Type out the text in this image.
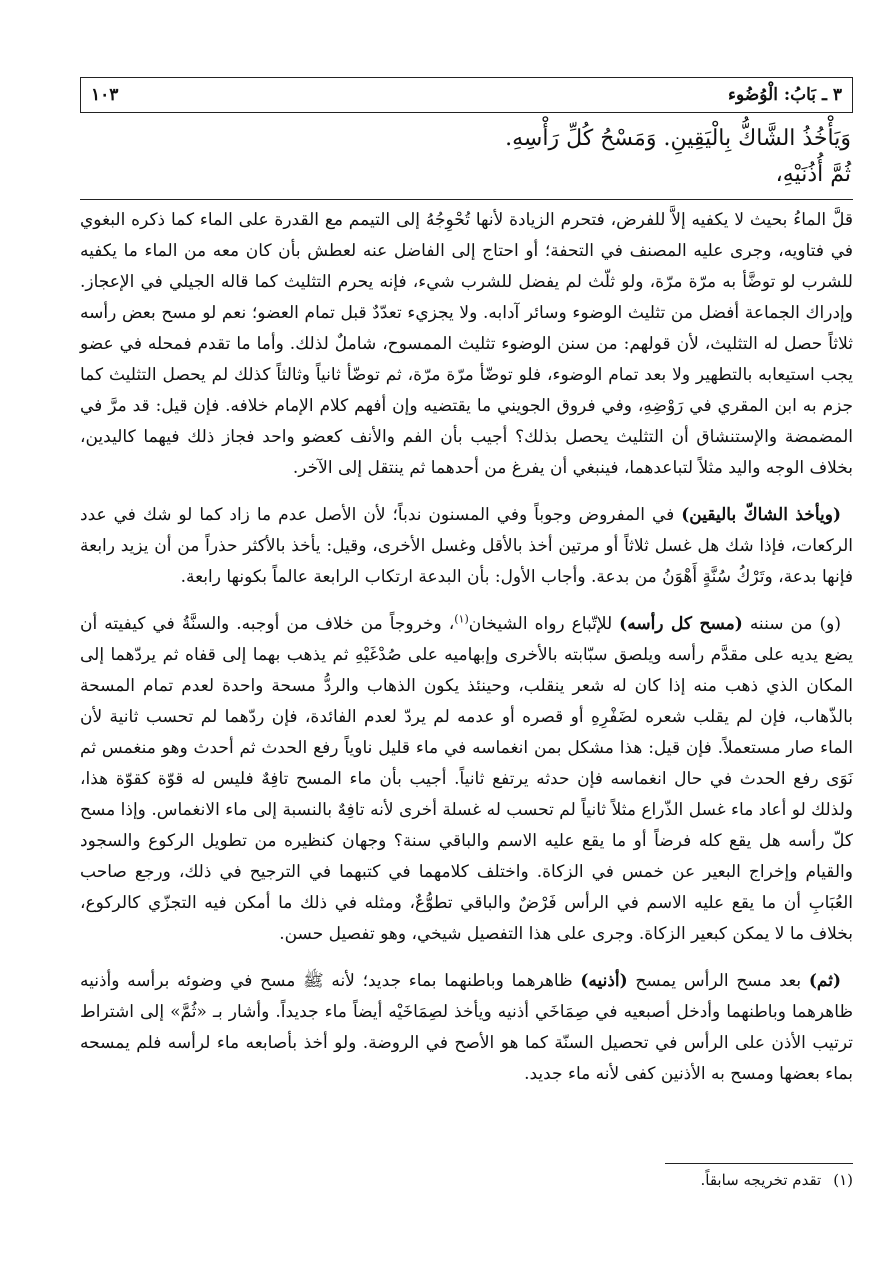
٣ ـ بَابُ: الْوُضُوء
١٠٣
وَيَأْخُذُ الشَّاكُّ بِالْيَقِينِ. وَمَسْحُ كُلِّ رَأْسِهِ.
ثُمَّ أُذُنَيْهِ،

قلَّ الماءُ بحيث لا يكفيه إلاَّ للفرض، فتحرم الزيادة لأنها تُحْوِجُهُ إلى التيمم مع القدرة على الماء كما ذكره البغوي في فتاويه، وجرى عليه المصنف في التحفة؛ أو احتاج إلى الفاضل عنه لعطش بأن كان معه من الماء ما يكفيه للشرب لو توضَّأ به مرّة مرّة، ولو ثلّث لم يفضل للشرب شيء، فإنه يحرم التثليث كما قاله الجيلي في الإعجاز. وإدراك الجماعة أفضل من تثليث الوضوء وسائر آدابه. ولا يجزيء تعدّدٌ قبل تمام العضو؛ نعم لو مسح بعض رأسه ثلاثاً حصل له التثليث، لأن قولهم: من سنن الوضوء تثليث الممسوح، شاملٌ لذلك. وأما ما تقدم فمحله في عضو يجب استيعابه بالتطهير ولا بعد تمام الوضوء، فلو توضّأ مرّة مرّة، ثم توضّأ ثانياً وثالثاً كذلك لم يحصل التثليث كما جزم به ابن المقري في رَوْضِهِ، وفي فروق الجويني ما يقتضيه وإن أفهم كلام الإمام خلافه. فإن قيل: قد مرَّ في المضمضة والإستنشاق أن التثليث يحصل بذلك؟ أجيب بأن الفم والأنف كعضو واحد فجاز ذلك فيهما كاليدين، بخلاف الوجه واليد مثلاً لتباعدهما، فينبغي أن يفرغ من أحدهما ثم ينتقل إلى الآخر.

(ويأخذ الشاكّ باليقين) في المفروض وجوباً وفي المسنون ندباً؛ لأن الأصل عدم ما زاد كما لو شك في عدد الركعات، فإذا شك هل غسل ثلاثاً أو مرتين أخذ بالأقل وغسل الأخرى، وقيل: يأخذ بالأكثر حذراً من أن يزيد رابعة فإنها بدعة، وتَرْكُ سُنَّةٍ أَهْوَنُ من بدعة. وأجاب الأول: بأن البدعة ارتكاب الرابعة عالماً بكونها رابعة.

(و) من سننه (مسح كل رأسه) للإتّباع رواه الشيخان$^{(١)}$، وخروجاً من خلاف من أوجبه. والسنَّةُ في كيفيته أن يضع يديه على مقدَّم رأسه ويلصق سبّابته بالأخرى وإبهاميه على صُدْغَيْهِ ثم يذهب بهما إلى قفاه ثم يردّهما إلى المكان الذي ذهب منه إذا كان له شعر ينقلب، وحينئذ يكون الذهاب والردُّ مسحة واحدة لعدم تمام المسحة بالذّهاب، فإن لم يقلب شعره لضَفْرِهِ أو قصره أو عدمه لم يردّ لعدم الفائدة، فإن ردّهما لم تحسب ثانية لأن الماء صار مستعملاً. فإن قيل: هذا مشكل بمن انغماسه في ماء قليل ناوياً رفع الحدث ثم أحدث وهو منغمس ثم نَوَى رفع الحدث في حال انغماسه فإن حدثه يرتفع ثانياً. أجيب بأن ماء المسح تافِهٌ فليس له قوّة كقوّة هذا، ولذلك لو أعاد ماء غسل الذّراع مثلاً ثانياً لم تحسب له غسلة أخرى لأنه تافِهٌ بالنسبة إلى ماء الانغماس. وإذا مسح كلّ رأسه هل يقع كله فرضاً أو ما يقع عليه الاسم والباقي سنة؟ وجهان كنظيره من تطويل الركوع والسجود والقيام وإخراج البعير عن خمس في الزكاة. واختلف كلامهما في كتبهما في الترجيح في ذلك، ورجع صاحب العُبَابِ أن ما يقع عليه الاسم في الرأس فَرْضٌ والباقي تطوُّعٌ، ومثله في ذلك ما أمكن فيه التجزّي كالركوع، بخلاف ما لا يمكن كبعير الزكاة. وجرى على هذا التفصيل شيخي، وهو تفصيل حسن.

(ثم) بعد مسح الرأس يمسح (أذنيه) ظاهرهما وباطنهما بماء جديد؛ لأنه ﷺ مسح في وضوئه برأسه وأذنيه ظاهرهما وباطنهما وأدخل أصبعيه في صِمَاخَي أذنيه ويأخذ لصِمَاخَيْه أيضاً ماء جديداً. وأشار بـ «ثُمَّ» إلى اشتراط ترتيب الأذن على الرأس في تحصيل السنّة كما هو الأصح في الروضة. ولو أخذ بأصابعه ماء لرأسه فلم يمسحه بماء بعضها ومسح به الأذنين كفى لأنه ماء جديد.

(١)تقدم تخريجه سابقاً.
